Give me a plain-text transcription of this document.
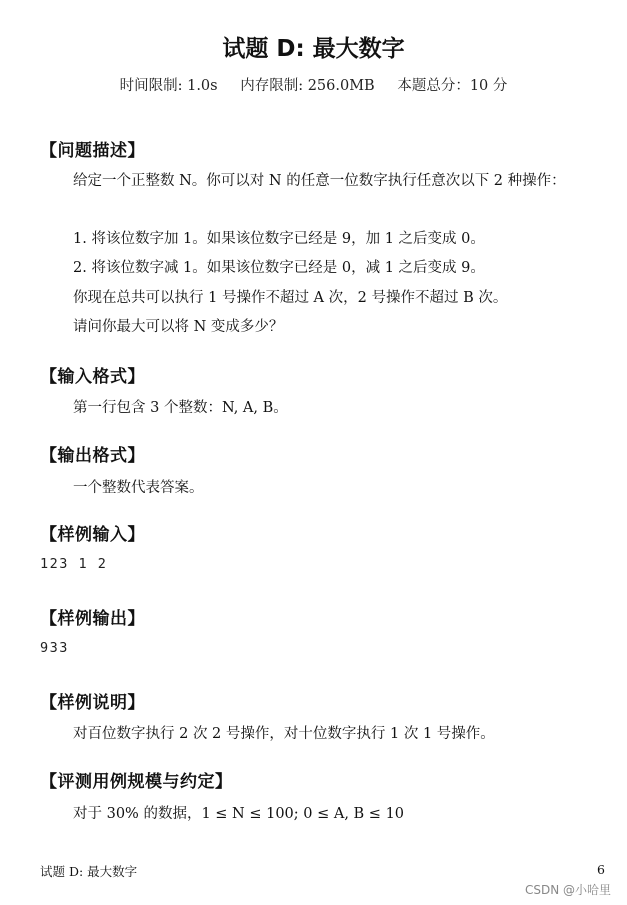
试题 D: 最大数字
时间限制: 1.0s 内存限制: 256.0MB 本题总分：10 分
【问题描述】
给定一个正整数 N。你可以对 N 的任意一位数字执行任意次以下 2 种操作：
1. 将该位数字加 1。如果该位数字已经是 9，加 1 之后变成 0。
2. 将该位数字减 1。如果该位数字已经是 0，减 1 之后变成 9。
你现在总共可以执行 1 号操作不超过 A 次，2 号操作不超过 B 次。
请问你最大可以将 N 变成多少？
【输入格式】
第一行包含 3 个整数：N, A, B。
【输出格式】
一个整数代表答案。
【样例输入】
123 1 2
【样例输出】
933
【样例说明】
对百位数字执行 2 次 2 号操作，对十位数字执行 1 次 1 号操作。
【评测用例规模与约定】
对于 30% 的数据，1 ≤ N ≤ 100; 0 ≤ A, B ≤ 10
试题 D: 最大数字	6
CSDN @小哈里
